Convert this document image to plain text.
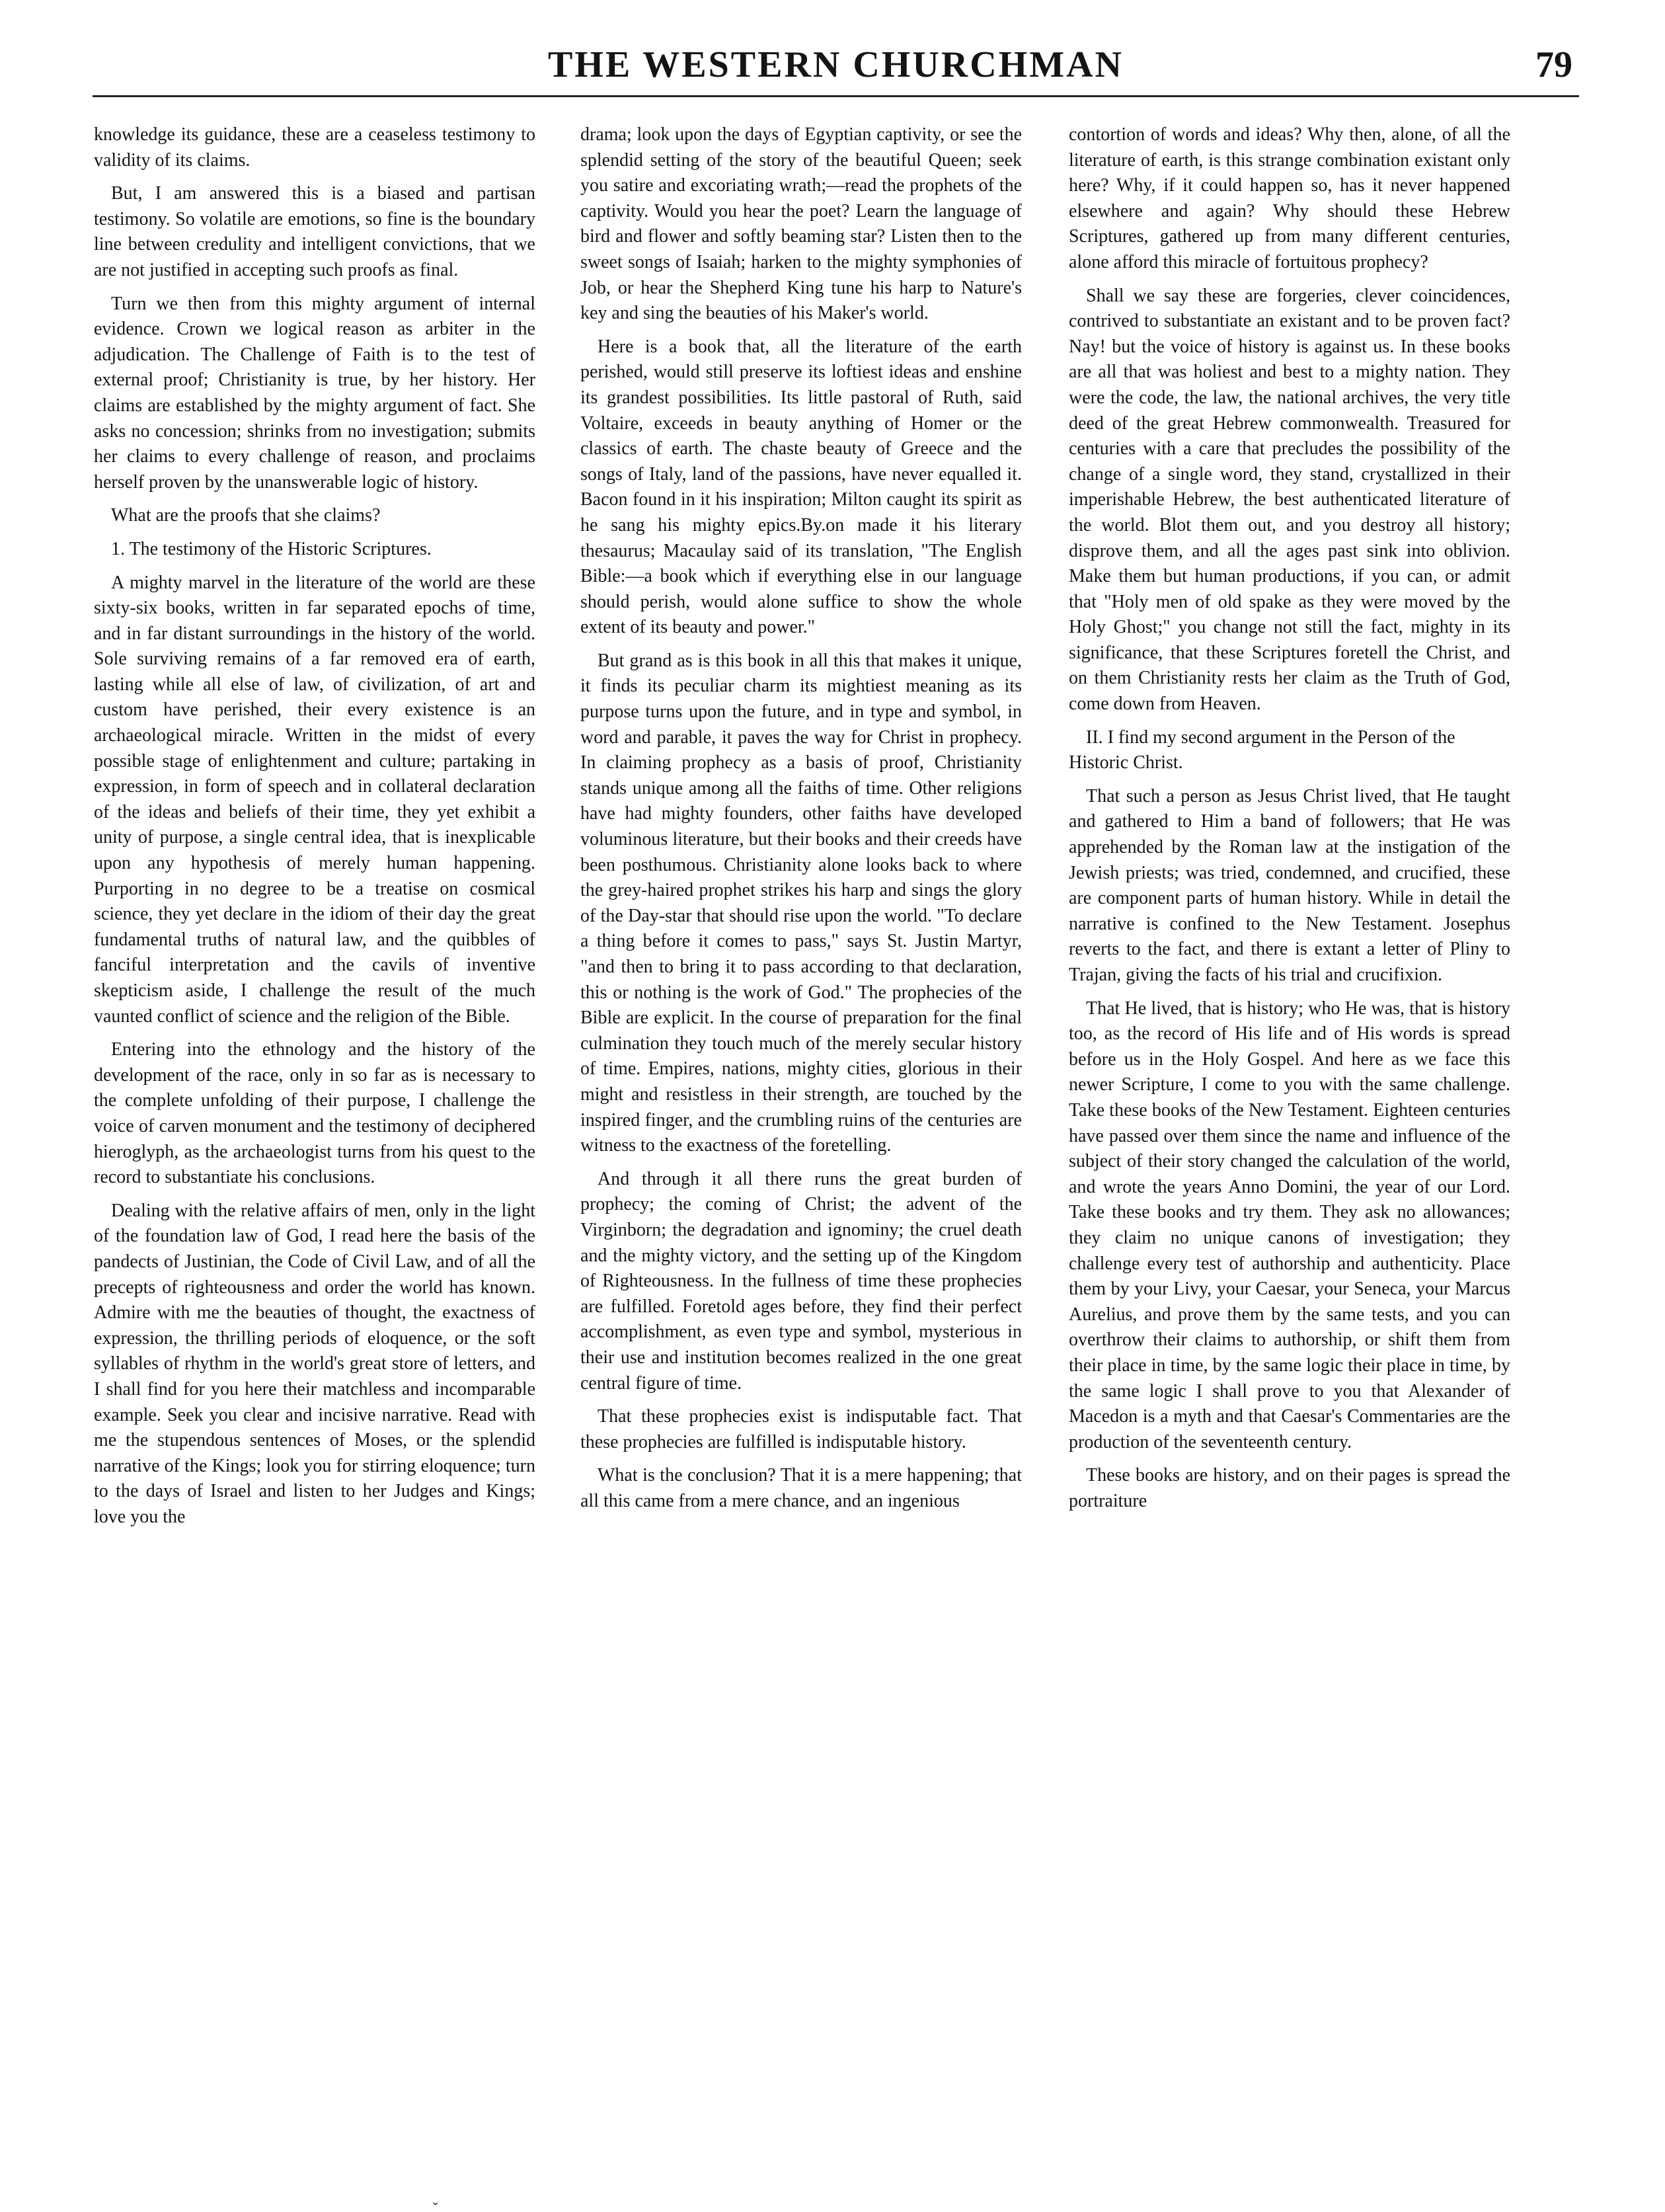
THE WESTERN CHURCHMAN	79

knowledge its guidance, these are a ceaseless testimony to validity of its claims.

But, I am answered this is a biased and partisan testimony. So volatile are emotions, so fine is the boundary line between credulity and intelligent convictions, that we are not justified in accepting such proofs as final.

Turn we then from this mighty argument of internal evidence. Crown we logical reason as arbiter in the adjudication. The Challenge of Faith is to the test of external proof; Christianity is true, by her history. Her claims are established by the mighty argument of fact. She asks no concession; shrinks from no investigation; submits her claims to every challenge of reason, and proclaims herself proven by the unanswerable logic of history.

What are the proofs that she claims?

1. The testimony of the Historic Scriptures.

A mighty marvel in the literature of the world are these sixty-six books, written in far separated epochs of time, and in far distant surroundings in the history of the world. Sole surviving remains of a far removed era of earth, lasting while all else of law, of civilization, of art and custom have perished, their every existence is an archaeological miracle. Written in the midst of every possible stage of enlightenment and culture; partaking in expression, in form of speech and in collateral declaration of the ideas and beliefs of their time, they yet exhibit a unity of purpose, a single central idea, that is inexplicable upon any hypothesis of merely human happening. Purporting in no degree to be a treatise on cosmical science, they yet declare in the idiom of their day the great fundamental truths of natural law, and the quibbles of fanciful interpretation and the cavils of inventive skepticism aside, I challenge the result of the much vaunted conflict of science and the religion of the Bible.

Entering into the ethnology and the history of the development of the race, only in so far as is necessary to the complete unfolding of their purpose, I challenge the voice of carven monument and the testimony of deciphered hieroglyph, as the archaeologist turns from his quest to the record to substantiate his conclusions.

Dealing with the relative affairs of men, only in the light of the foundation law of God, I read here the basis of the pandects of Justinian, the Code of Civil Law, and of all the precepts of righteousness and order the world has known. Admire with me the beauties of thought, the exactness of expression, the thrilling periods of eloquence, or the soft syllables of rhythm in the world's great store of letters, and I shall find for you here their matchless and incomparable example. Seek you clear and incisive narrative. Read with me the stupendous sentences of Moses, or the splendid narrative of the Kings; look you for stirring eloquence; turn to the days of Israel and listen to her Judges and Kings; love you the

drama; look upon the days of Egyptian captivity, or see the splendid setting of the story of the beautiful Queen; seek you satire and excoriating wrath;—read the prophets of the captivity. Would you hear the poet? Learn the language of bird and flower and softly beaming star? Listen then to the sweet songs of Isaiah; harken to the mighty symphonies of Job, or hear the Shepherd King tune his harp to Nature's key and sing the beauties of his Maker's world.

Here is a book that, all the literature of the earth perished, would still preserve its loftiest ideas and enshine its grandest possibilities. Its little pastoral of Ruth, said Voltaire, exceeds in beauty anything of Homer or the classics of earth. The chaste beauty of Greece and the songs of Italy, land of the passions, have never equalled it. Bacon found in it his inspiration; Milton caught its spirit as he sang his mighty epics.By.on made it his literary thesaurus; Macaulay said of its translation, "The English Bible:—a book which if everything else in our language should perish, would alone suffice to show the whole extent of its beauty and power."

But grand as is this book in all this that makes it unique, it finds its peculiar charm its mightiest meaning as its purpose turns upon the future, and in type and symbol, in word and parable, it paves the way for Christ in prophecy. In claiming prophecy as a basis of proof, Christianity stands unique among all the faiths of time. Other religions have had mighty founders, other faiths have developed voluminous literature, but their books and their creeds have been posthumous. Christianity alone looks back to where the grey-haired prophet strikes his harp and sings the glory of the Day-star that should rise upon the world. "To declare a thing before it comes to pass," says St. Justin Martyr, "and then to bring it to pass according to that declaration, this or nothing is the work of God." The prophecies of the Bible are explicit. In the course of preparation for the final culmination they touch much of the merely secular history of time. Empires, nations, mighty cities, glorious in their might and resistless in their strength, are touched by the inspired finger, and the crumbling ruins of the centuries are witness to the exactness of the foretelling.

And through it all there runs the great burden of prophecy; the coming of Christ; the advent of the Virginborn; the degradation and ignominy; the cruel death and the mighty victory, and the setting up of the Kingdom of Righteousness. In the fullness of time these prophecies are fulfilled. Foretold ages before, they find their perfect accomplishment, as even type and symbol, mysterious in their use and institution becomes realized in the one great central figure of time.

That these prophecies exist is indisputable fact. That these prophecies are fulfilled is indisputable history.

What is the conclusion? That it is a mere happening; that all this came from a mere chance, and an ingenious

contortion of words and ideas? Why then, alone, of all the literature of earth, is this strange combination existant only here? Why, if it could happen so, has it never happened elsewhere and again? Why should these Hebrew Scriptures, gathered up from many different centuries, alone afford this miracle of fortuitous prophecy?

Shall we say these are forgeries, clever coincidences, contrived to substantiate an existant and to be proven fact? Nay! but the voice of history is against us. In these books are all that was holiest and best to a mighty nation. They were the code, the law, the national archives, the very title deed of the great Hebrew commonwealth. Treasured for centuries with a care that precludes the possibility of the change of a single word, they stand, crystallized in their imperishable Hebrew, the best authenticated literature of the world. Blot them out, and you destroy all history; disprove them, and all the ages past sink into oblivion. Make them but human productions, if you can, or admit that "Holy men of old spake as they were moved by the Holy Ghost;" you change not still the fact, mighty in its significance, that these Scriptures foretell the Christ, and on them Christianity rests her claim as the Truth of God, come down from Heaven.

II. I find my second argument in the Person of the Historic Christ.

That such a person as Jesus Christ lived, that He taught and gathered to Him a band of followers; that He was apprehended by the Roman law at the instigation of the Jewish priests; was tried, condemned, and crucified, these are component parts of human history. While in detail the narrative is confined to the New Testament. Josephus reverts to the fact, and there is extant a letter of Pliny to Trajan, giving the facts of his trial and crucifixion.

That He lived, that is history; who He was, that is history too, as the record of His life and of His words is spread before us in the Holy Gospel. And here as we face this newer Scripture, I come to you with the same challenge. Take these books of the New Testament. Eighteen centuries have passed over them since the name and influence of the subject of their story changed the calculation of the world, and wrote the years Anno Domini, the year of our Lord. Take these books and try them. They ask no allowances; they claim no unique canons of investigation; they challenge every test of authorship and authenticity. Place them by your Livy, your Caesar, your Seneca, your Marcus Aurelius, and prove them by the same tests, and you can overthrow their claims to authorship, or shift them from their place in time, by the same logic their place in time, by the same logic I shall prove to you that Alexander of Macedon is a myth and that Caesar's Commentaries are the production of the seventeenth century.

These books are history, and on their pages is spread the portraiture

ˬ
